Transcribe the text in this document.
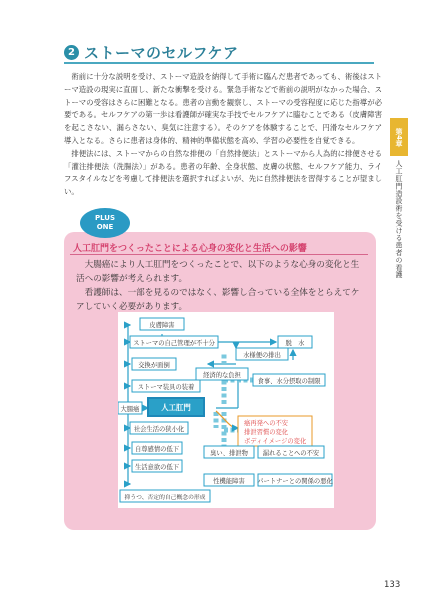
2 ストーマのセルフケア

術前に十分な説明を受け、ストーマ造設を納得して手術に臨んだ患者であっても、術後はストーマ造設の現実に直面し、新たな衝撃を受ける。緊急手術などで術前の説明がなかった場合、ストーマの受容はさらに困難となる。患者の言動を観察し、ストーマの受容程度に応じた指導が必要である。セルフケアの第一歩は看護師が確実な手技でセルフケアに臨むことである（皮膚障害を起こさない、漏らさない、臭気に注意する）。そのケアを体験することで、円滑なセルフケア導入となる。さらに患者は身体的、精神的準備状態を高め、学習の必要性を自覚できる。

排便法には、ストーマからの自然な排便の「自然排便法」とストーマから人為的に排便させる「灌注排便法（洗腸法）」がある。患者の年齢、全身状態、皮膚の状態、セルフケア能力、ライフスタイルなどを考慮して排便法を選択すればよいが、先に自然排便法を習得することが望ましい。

第4章
人工肛門造設術を受ける患者の看護
PLUS
ONE
人工肛門をつくったことによる心身の変化と生活への影響

大腸癌により人工肛門をつくったことで、以下のような心身の変化と生活への影響が考えられます。

看護師は、一部を見るのではなく、影響し合っている全体をとらえてケアしていく必要があります。

皮膚障害
ストーマの自己管理が不十分
水様便の排出
脱　水
交換が面倒
経済的な負担
ストーマ装具の装着
食事、水分摂取の制限
大腸癌	人工肛門
癌再発への不安
排泄習慣の変化
ボディイメージの変化
社会生活の狭小化
自尊感情の低下
臭い、排泄物 漏れることへの不安
生活意欲の低下
性機能障害 パートナーとの関係の悪化
抑うつ、否定的自己概念の形成
133
